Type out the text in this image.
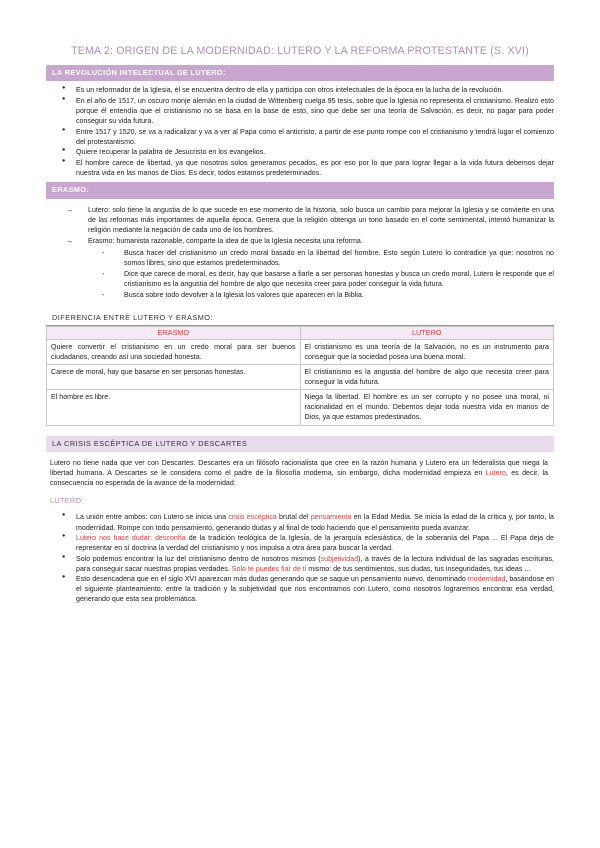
TEMA 2: ORIGEN DE LA MODERNIDAD: LUTERO Y LA REFORMA PROTESTANTE (S. XVI)
LA REVOLUCIÓN INTELECTUAL DE LUTERO:
● Es un reformador de la Iglesia, él se encuentra dentro de ella y participa con otros intelectuales de la época en la lucha de la revolución.
● En el año de 1517, un oscuro monje alemán en la ciudad de Wittenberg cuelga 95 tesis, sobre que la Iglesia no representa el cristianismo. Realizó esto porque él entendía que el cristianismo no se basa en la base de esto, sino que debe ser una teoría de Salvación, es decir, no pagar para poder conseguir su vida futura.
● Entre 1517 y 1520, se va a radicalizar y va a ver al Papa como el anticristo, a partir de ese punto rompe con el cristianismo y tendrá lugar el comienzo del protestantismo.
● Quiere recuperar la palabra de Jesucristo en los evangelios.
● El hombre carece de libertad, ya que nosotros solos generamos pecados, es por eso por lo que para lograr llegar a la vida futura debemos dejar nuestra vida en las manos de Dios. Es decir, todos estamos predeterminados.
ERASMO:
→ Lutero: solo tiene la angustia de lo que sucede en ese momento de la historia, solo busca un cambio para mejorar la Iglesia y se convierte en una de las reformas más importantes de aquella época. Genera que la religión obtenga un tono basado en el corte sentimental, intentó humanizar la religión mediante la negación de cada uno de los hombres.
→ Erasmo: humanista razonable, comparte la idea de que la Iglesia necesita una reforma.
- Busca hacer del cristianismo un credo moral basado en la libertad del hombre. Esto según Lutero lo contradice ya que: nosotros no somos libres, sino que estamos predeterminados.
- Dice que carece de moral, es decir, hay que basarse a fiarle a ser personas honestas y busca un credo moral. Lutero le responde que el cristianismo es la angustia del hombre de algo que necesita creer para poder conseguir la vida futura.
- Busca sobre todo devolver a la Iglesia los valores que aparecen en la Biblia.
DIFERENCIA ENTRE LUTERO Y ERASMO:
ERASMO	LUTERO
Quiere convertir el cristianismo en un credo moral para ser buenos ciudadanos, creando así una sociedad honesta.	El cristianismo es una teoría de la Salvación, no es un instrumento para conseguir que la sociedad posea una buena moral.
Carece de moral, hay que basarse en ser personas honestas.	El cristianismo es la angustia del hombre de algo que necesita creer para conseguir la vida futura.
El hombre es libre.	Niega la libertad. El hombre es un ser corrupto y no posee una moral, ni racionalidad en el mundo. Debemos dejar toda nuestra vida en manos de Dios, ya que estamos predestinados.
LA CRISIS ESCÉPTICA DE LUTERO Y DESCARTES

Lutero no tiene nada que ver con Descartes. Descartes era un filósofo racionalista que cree en la razón humana y Lutero era un federalista que niega la libertad humana. A Descartes se le considera como el padre de la filosofía moderna, sin embargo, dicha modernidad empieza en Lutero, es decir, la consecuencia no esperada de la avance de la modernidad.

LUTERO:
● La unión entre ambos: con Lutero se inicia una crisis escéptica brutal del pensamiento en la Edad Media. Se inicia la edad de la crítica y, por tanto, la modernidad. Rompe con todo pensamiento, generando dudas y al final de todo haciendo que el pensamiento pueda avanzar.
● Lutero nos hace dudar: desconfía de la tradición teológica de la Iglesia, de la jerarquía eclesiástica, de la soberanía del Papa ... El Papa deja de representar en sí doctrina la verdad del cristianismo y nos impulsa a otra área para buscar la verdad.
● Solo podemos encontrar la luz del cristianismo dentro de nosotros mismos (subjetividad), a través de la lectura individual de las sagradas escrituras, para conseguir sacar nuestras propias verdades. Solo te puedes fiar de ti mismo: de tus sentimientos, sus dudas, tus inseguridades, tus ideas ...
● Esto desencadena que en el siglo XVI aparezcan más dudas generando que se saque un pensamiento nuevo, denominado modernidad, basándose en el siguiente planteamiento: entre la tradición y la subjetividad que nos encontramos con Lutero, como nosotros lograremos encontrar esa verdad, generando que esta sea problemática.
